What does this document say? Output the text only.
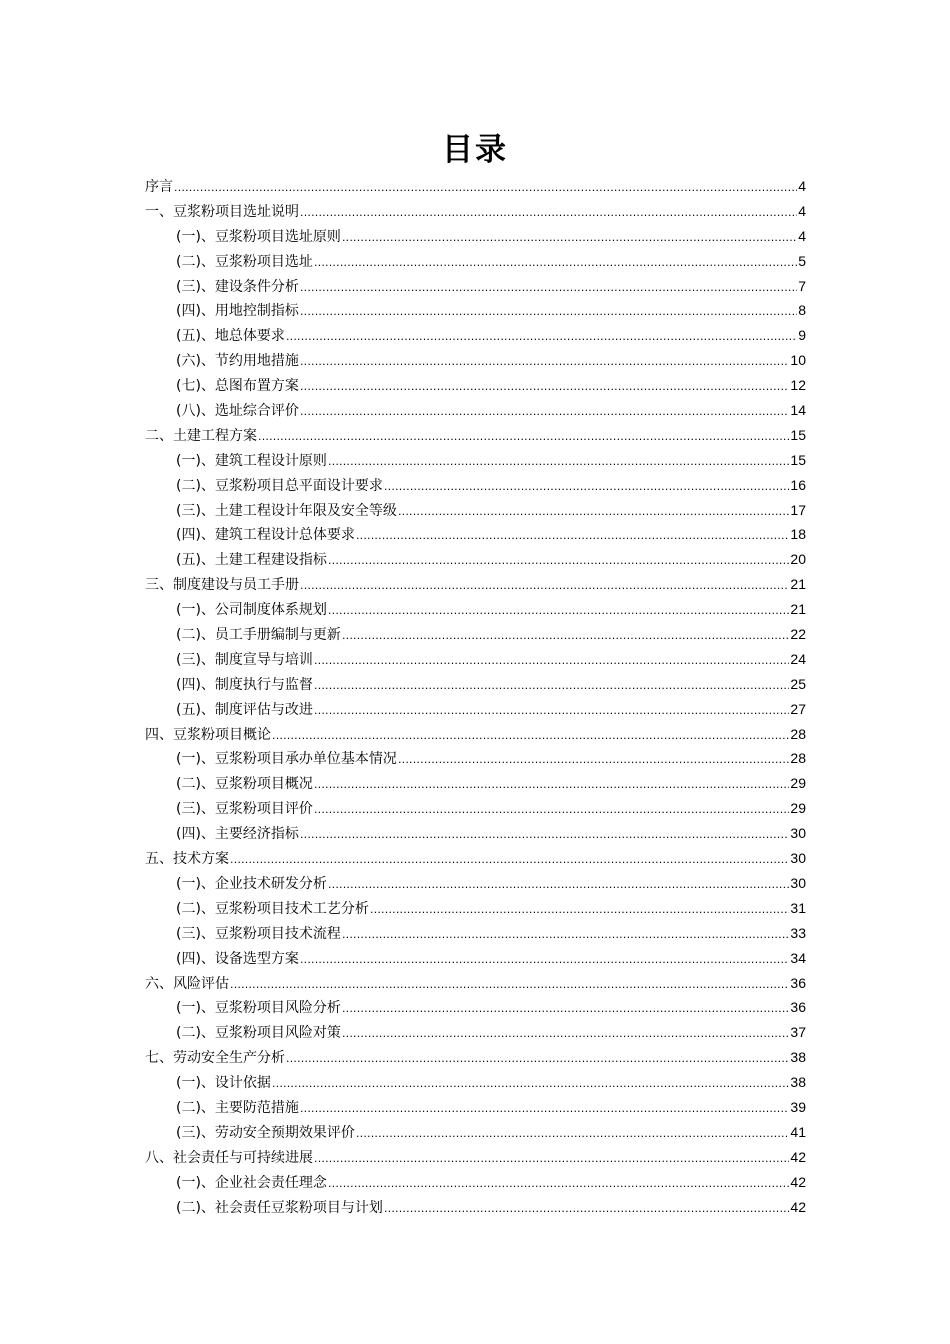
目录
序言 .....	4
一、豆浆粉项目选址说明 .....	4
(一)、豆浆粉项目选址原则 .....	4
(二)、豆浆粉项目选址 .....	5
(三)、建设条件分析 .....	7
(四)、用地控制指标 .....	8
(五)、地总体要求 .....	9
(六)、节约用地措施 .....	10
(七)、总图布置方案 .....	12
(八)、选址综合评价 .....	14
二、土建工程方案 .....	15
(一)、建筑工程设计原则 .....	15
(二)、豆浆粉项目总平面设计要求 .....	16
(三)、土建工程设计年限及安全等级 .....	17
(四)、建筑工程设计总体要求 .....	18
(五)、土建工程建设指标 .....	20
三、制度建设与员工手册 .....	21
(一)、公司制度体系规划 .....	21
(二)、员工手册编制与更新 .....	22
(三)、制度宣导与培训 .....	24
(四)、制度执行与监督 .....	25
(五)、制度评估与改进 .....	27
四、豆浆粉项目概论 .....	28
(一)、豆浆粉项目承办单位基本情况 .....	28
(二)、豆浆粉项目概况 .....	29
(三)、豆浆粉项目评价 .....	29
(四)、主要经济指标 .....	30
五、技术方案 .....	30
(一)、企业技术研发分析 .....	30
(二)、豆浆粉项目技术工艺分析 .....	31
(三)、豆浆粉项目技术流程 .....	33
(四)、设备选型方案 .....	34
六、风险评估 .....	36
(一)、豆浆粉项目风险分析 .....	36
(二)、豆浆粉项目风险对策 .....	37
七、劳动安全生产分析 .....	38
(一)、设计依据 .....	38
(二)、主要防范措施 .....	39
(三)、劳动安全预期效果评价 .....	41
八、社会责任与可持续进展 .....	42
(一)、企业社会责任理念 .....	42
(二)、社会责任豆浆粉项目与计划 .....	42
